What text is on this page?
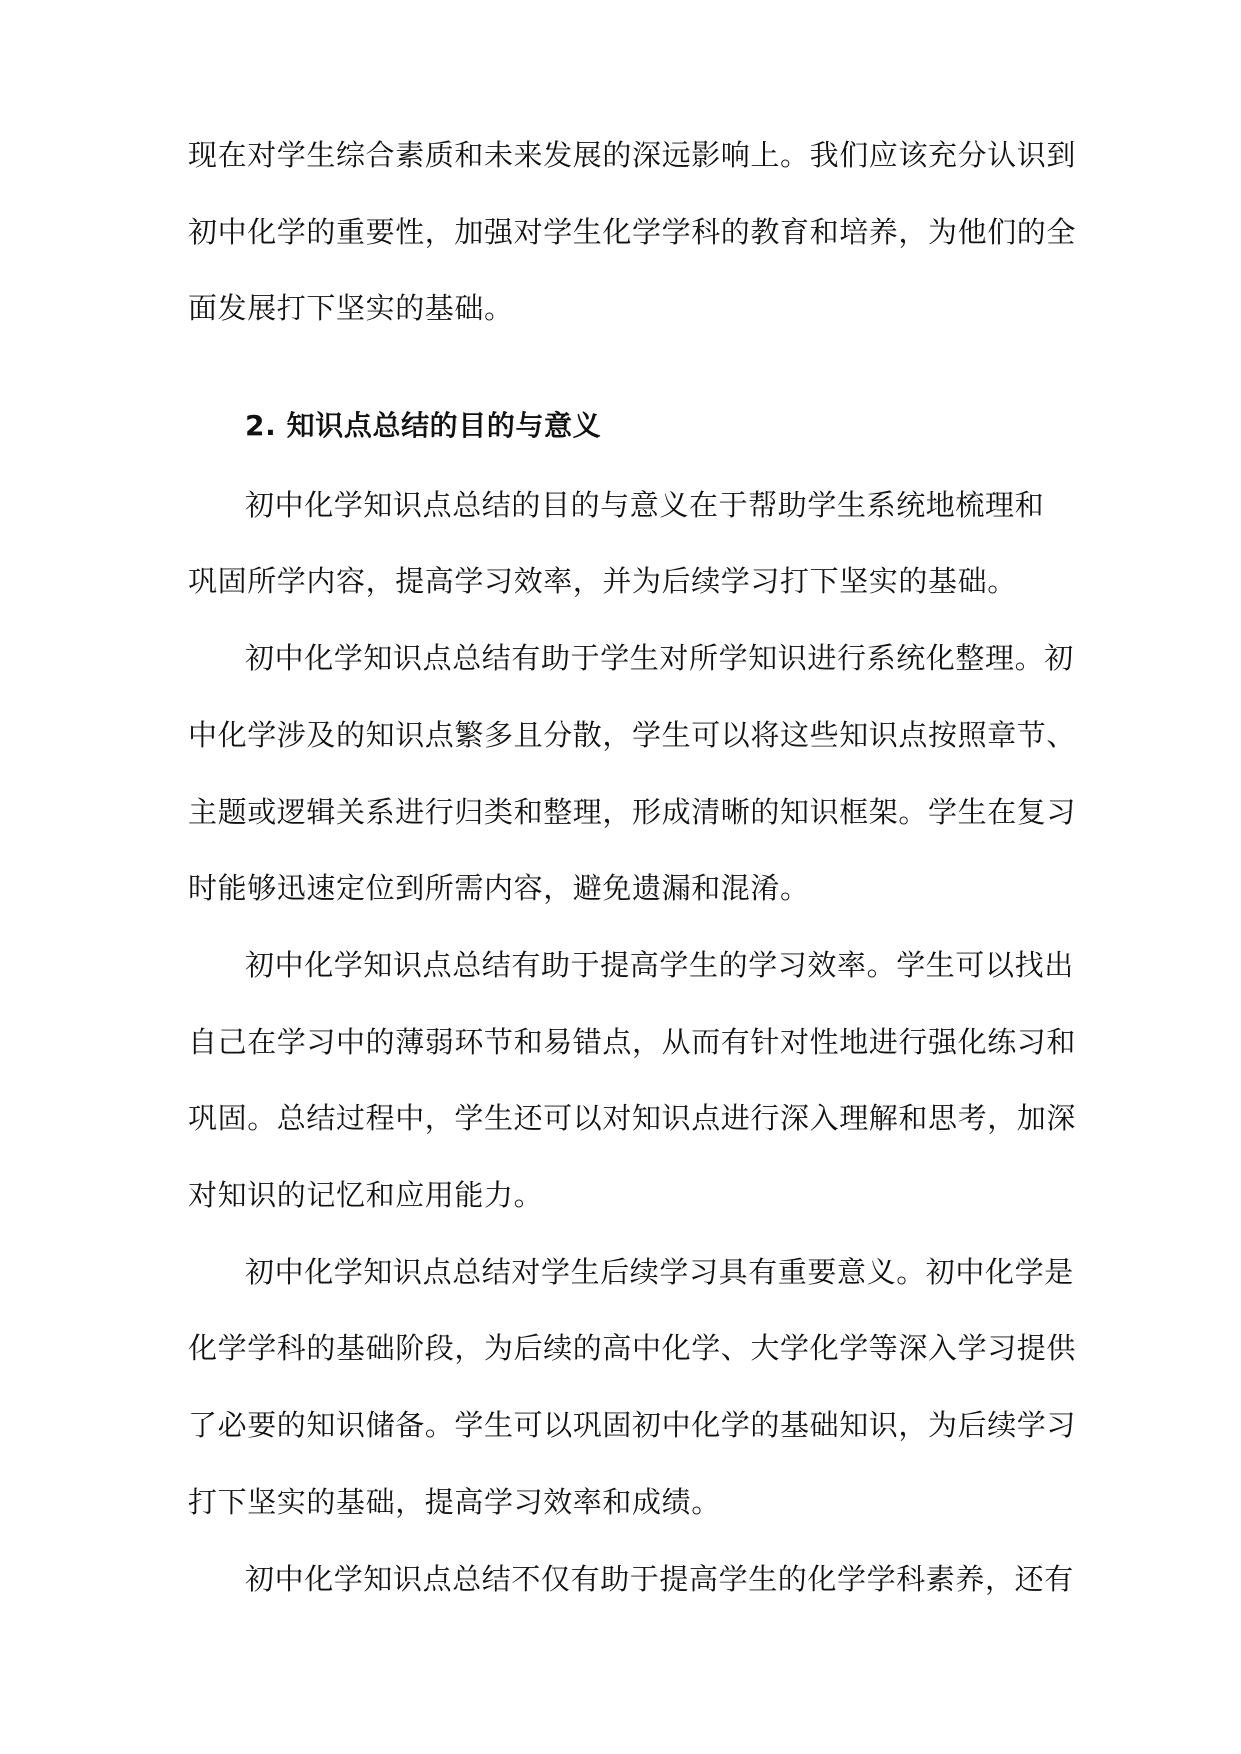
现在对学生综合素质和未来发展的深远影响上。我们应该充分认识到
初中化学的重要性，加强对学生化学学科的教育和培养，为他们的全
面发展打下坚实的基础。
2. 知识点总结的目的与意义
初中化学知识点总结的目的与意义在于帮助学生系统地梳理和
巩固所学内容，提高学习效率，并为后续学习打下坚实的基础。
初中化学知识点总结有助于学生对所学知识进行系统化整理。初
中化学涉及的知识点繁多且分散，学生可以将这些知识点按照章节、
主题或逻辑关系进行归类和整理，形成清晰的知识框架。学生在复习
时能够迅速定位到所需内容，避免遗漏和混淆。
初中化学知识点总结有助于提高学生的学习效率。学生可以找出
自己在学习中的薄弱环节和易错点，从而有针对性地进行强化练习和
巩固。总结过程中，学生还可以对知识点进行深入理解和思考，加深
对知识的记忆和应用能力。
初中化学知识点总结对学生后续学习具有重要意义。初中化学是
化学学科的基础阶段，为后续的高中化学、大学化学等深入学习提供
了必要的知识储备。学生可以巩固初中化学的基础知识，为后续学习
打下坚实的基础，提高学习效率和成绩。
初中化学知识点总结不仅有助于提高学生的化学学科素养，还有
